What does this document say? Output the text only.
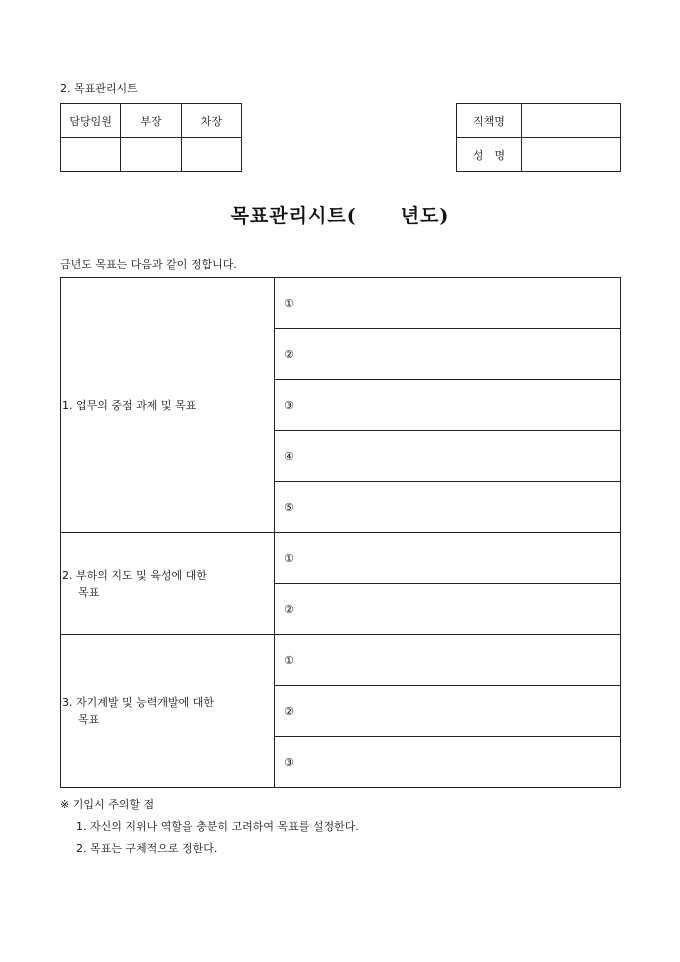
2. 목표관리시트
담당임원	부장	차장
			직책명	
성　명	
목표관리시트( 년도)
금년도 목표는 다음과 같이 정합니다.
1. 업무의 중점 과제 및 목표	①
	②
	③
	④
	⑤

2. 부하의 지도 및 육성에 대한
목표	①
	②

3. 자기계발 및 능력개발에 대한
목표	①
	②
	③
※ 기입시 주의할 점
1. 자신의 지위나 역할을 충분히 고려하여 목표를 설정한다.
2. 목표는 구체적으로 정한다.
